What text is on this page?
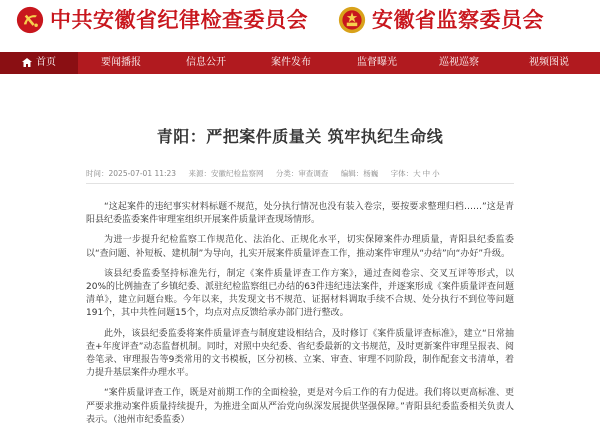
中共安徽省纪律检查委员会	安徽省监察委员会
首页	要闻播报	信息公开	案件发布	监督曝光	巡视巡察	视频图说
青阳：严把案件质量关 筑牢执纪生命线
时间：2025-07-01 11:23 来源：安徽纪检监察网 分类：审查调查 编辑：杨巍 字体：大 中 小

“这起案件的违纪事实材料标题不规范，处分执行情况也没有装入卷宗，要按要求整理归档……”这是青阳县纪委监委案件审理室组织开展案件质量评查现场情形。

为进一步提升纪检监察工作规范化、法治化、正规化水平，切实保障案件办理质量，青阳县纪委监委以“查问题、补短板、建机制”为导向，扎实开展案件质量评查工作，推动案件审理从“办结”向“办好”升级。

该县纪委监委坚持标准先行，制定《案件质量评查工作方案》，通过查阅卷宗、交叉互评等形式，以20%的比例抽查了乡镇纪委、派驻纪检监察组已办结的63件违纪违法案件，并逐案形成《案件质量评查问题清单》，建立问题台账。今年以来，共发现文书不规范、证据材料调取手续不合规、处分执行不到位等问题191个，其中共性问题15个，均点对点反馈给承办部门进行整改。

此外，该县纪委监委将案件质量评查与制度建设相结合，及时修订《案件质量评查标准》，建立“日常抽查+年度评查”动态监督机制。同时，对照中央纪委、省纪委最新的文书规范，及时更新案件审理呈报表、阅卷笔录、审理报告等9类常用的文书模板，区分初核、立案、审查、审理不同阶段，制作配套文书清单，着力提升基层案件办理水平。

“案件质量评查工作，既是对前期工作的全面检验，更是对今后工作的有力促进。我们将以更高标准、更严要求推动案件质量持续提升，为推进全面从严治党向纵深发展提供坚强保障。”青阳县纪委监委相关负责人表示。（池州市纪委监委）
